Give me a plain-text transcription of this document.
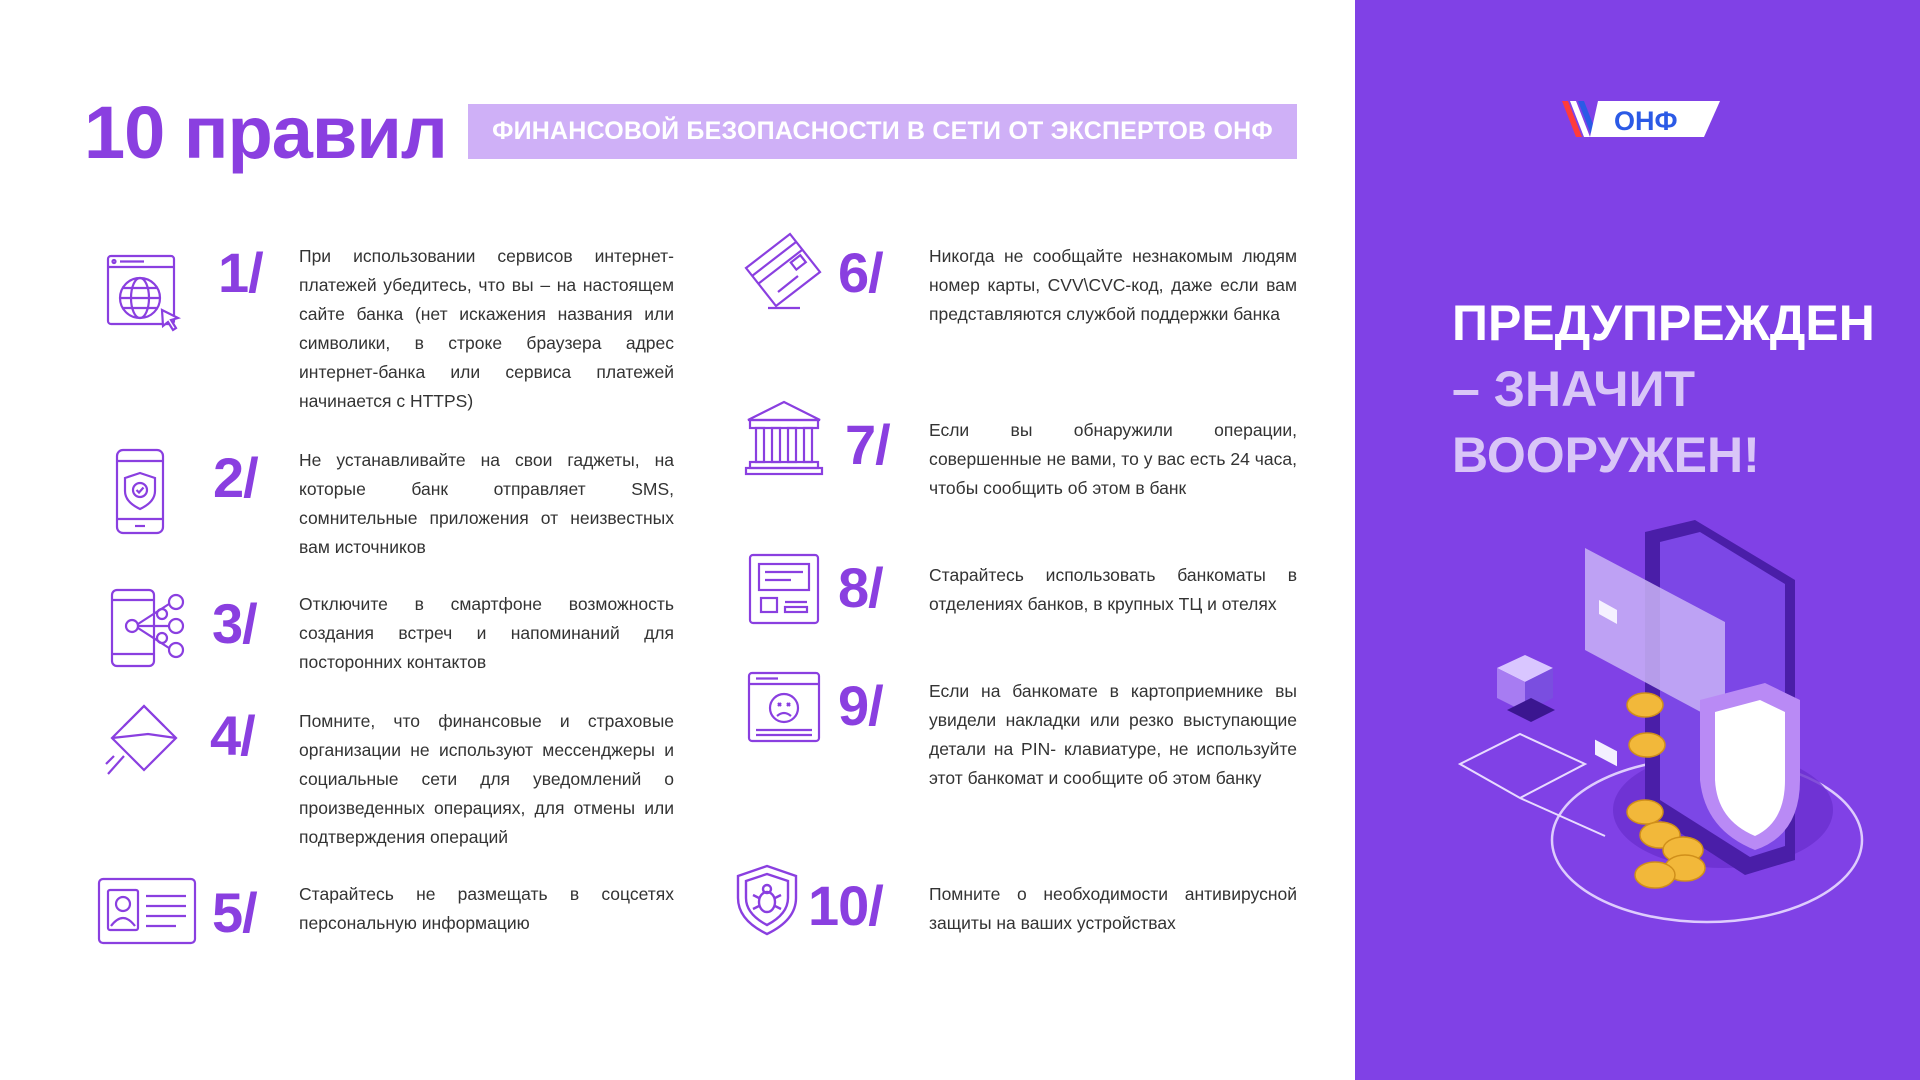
10 правил ФИНАНСОВОЙ БЕЗОПАСНОСТИ В СЕТИ ОТ ЭКСПЕРТОВ ОНФ
1/ При использовании сервисов интернет-платежей убедитесь, что вы – на настоящем сайте банка (нет искажения названия или символики, в строке браузера адрес интернет-банка или сервиса платежей начинается с HTTPS)
2/ Не устанавливайте на свои гаджеты, на которые банк отправляет SMS, сомнительные приложения от неизвестных вам источников
3/ Отключите в смартфоне возможность создания встреч и напоминаний для посторонних контактов
4/	Помните, что финансовые и страховые организации не используют мессенджеры и социальные сети для уведомлений о произведенных операциях, для отмены или подтверждения операций
5/ Старайтесь не размещать в соцсетях персональную информацию
6/	Никогда не сообщайте незнакомым людям номер карты, CVV\CVC-код, даже если вам представляются службой поддержки банка
7/ Если вы обнаружили операции, совершенные не вами, то у вас есть 24 часа, чтобы сообщить об этом в банк
8/	Старайтесь использовать банкоматы в отделениях банков, в крупных ТЦ и отелях
9/	Если на банкомате в картоприемнике вы увидели накладки или резко выступающие детали на PIN- клавиатуре, не используйте этот банкомат и сообщите об этом банку
10/	Помните о необходимости антивирусной защиты на ваших устройствах
ОНФ
ПРЕДУПРЕЖДЕН
– ЗНАЧИТ
ВООРУЖЕН!
